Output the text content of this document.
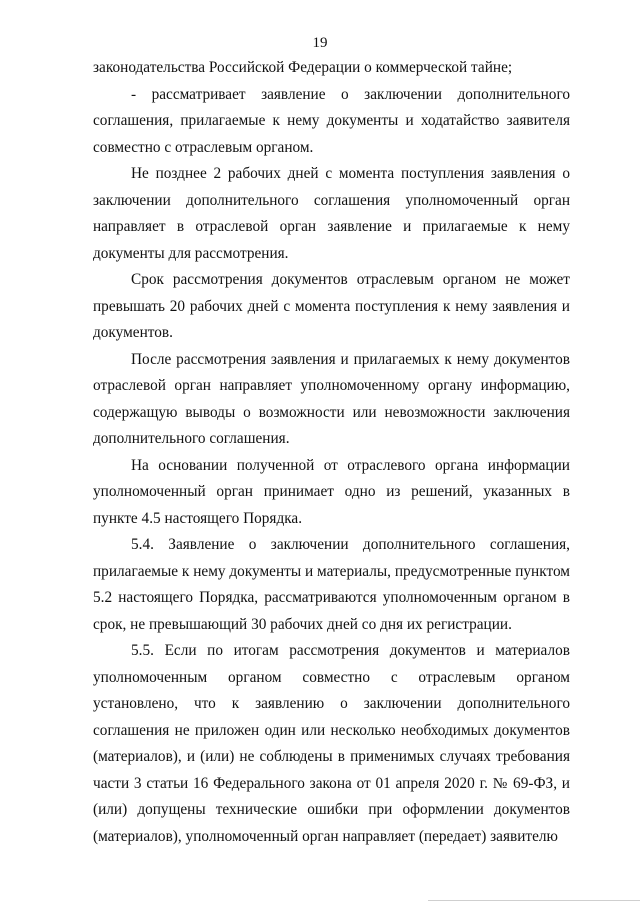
19

законодательства Российской Федерации о коммерческой тайне;

- рассматривает заявление о заключении дополнительного соглашения, прилагаемые к нему документы и ходатайство заявителя совместно с отраслевым органом.

Не позднее 2 рабочих дней с момента поступления заявления о заключении дополнительного соглашения уполномоченный орган направляет в отраслевой орган заявление и прилагаемые к нему документы для рассмотрения.

Срок рассмотрения документов отраслевым органом не может превышать 20 рабочих дней с момента поступления к нему заявления и документов.

После рассмотрения заявления и прилагаемых к нему документов отраслевой орган направляет уполномоченному органу информацию, содержащую выводы о возможности или невозможности заключения дополнительного соглашения.

На основании полученной от отраслевого органа информации уполномоченный орган принимает одно из решений, указанных в пункте 4.5 настоящего Порядка.

5.4. Заявление о заключении дополнительного соглашения, прилагаемые к нему документы и материалы, предусмотренные пунктом 5.2 настоящего Порядка, рассматриваются уполномоченным органом в срок, не превышающий 30 рабочих дней со дня их регистрации.

5.5. Если по итогам рассмотрения документов и материалов уполномоченным органом совместно с отраслевым органом установлено, что к заявлению о заключении дополнительного соглашения не приложен один или несколько необходимых документов (материалов), и (или) не соблюдены в применимых случаях требования части 3 статьи 16 Федерального закона от 01 апреля 2020 г. № 69-ФЗ, и (или) допущены технические ошибки при оформлении документов (материалов), уполномоченный орган направляет (передает) заявителю
